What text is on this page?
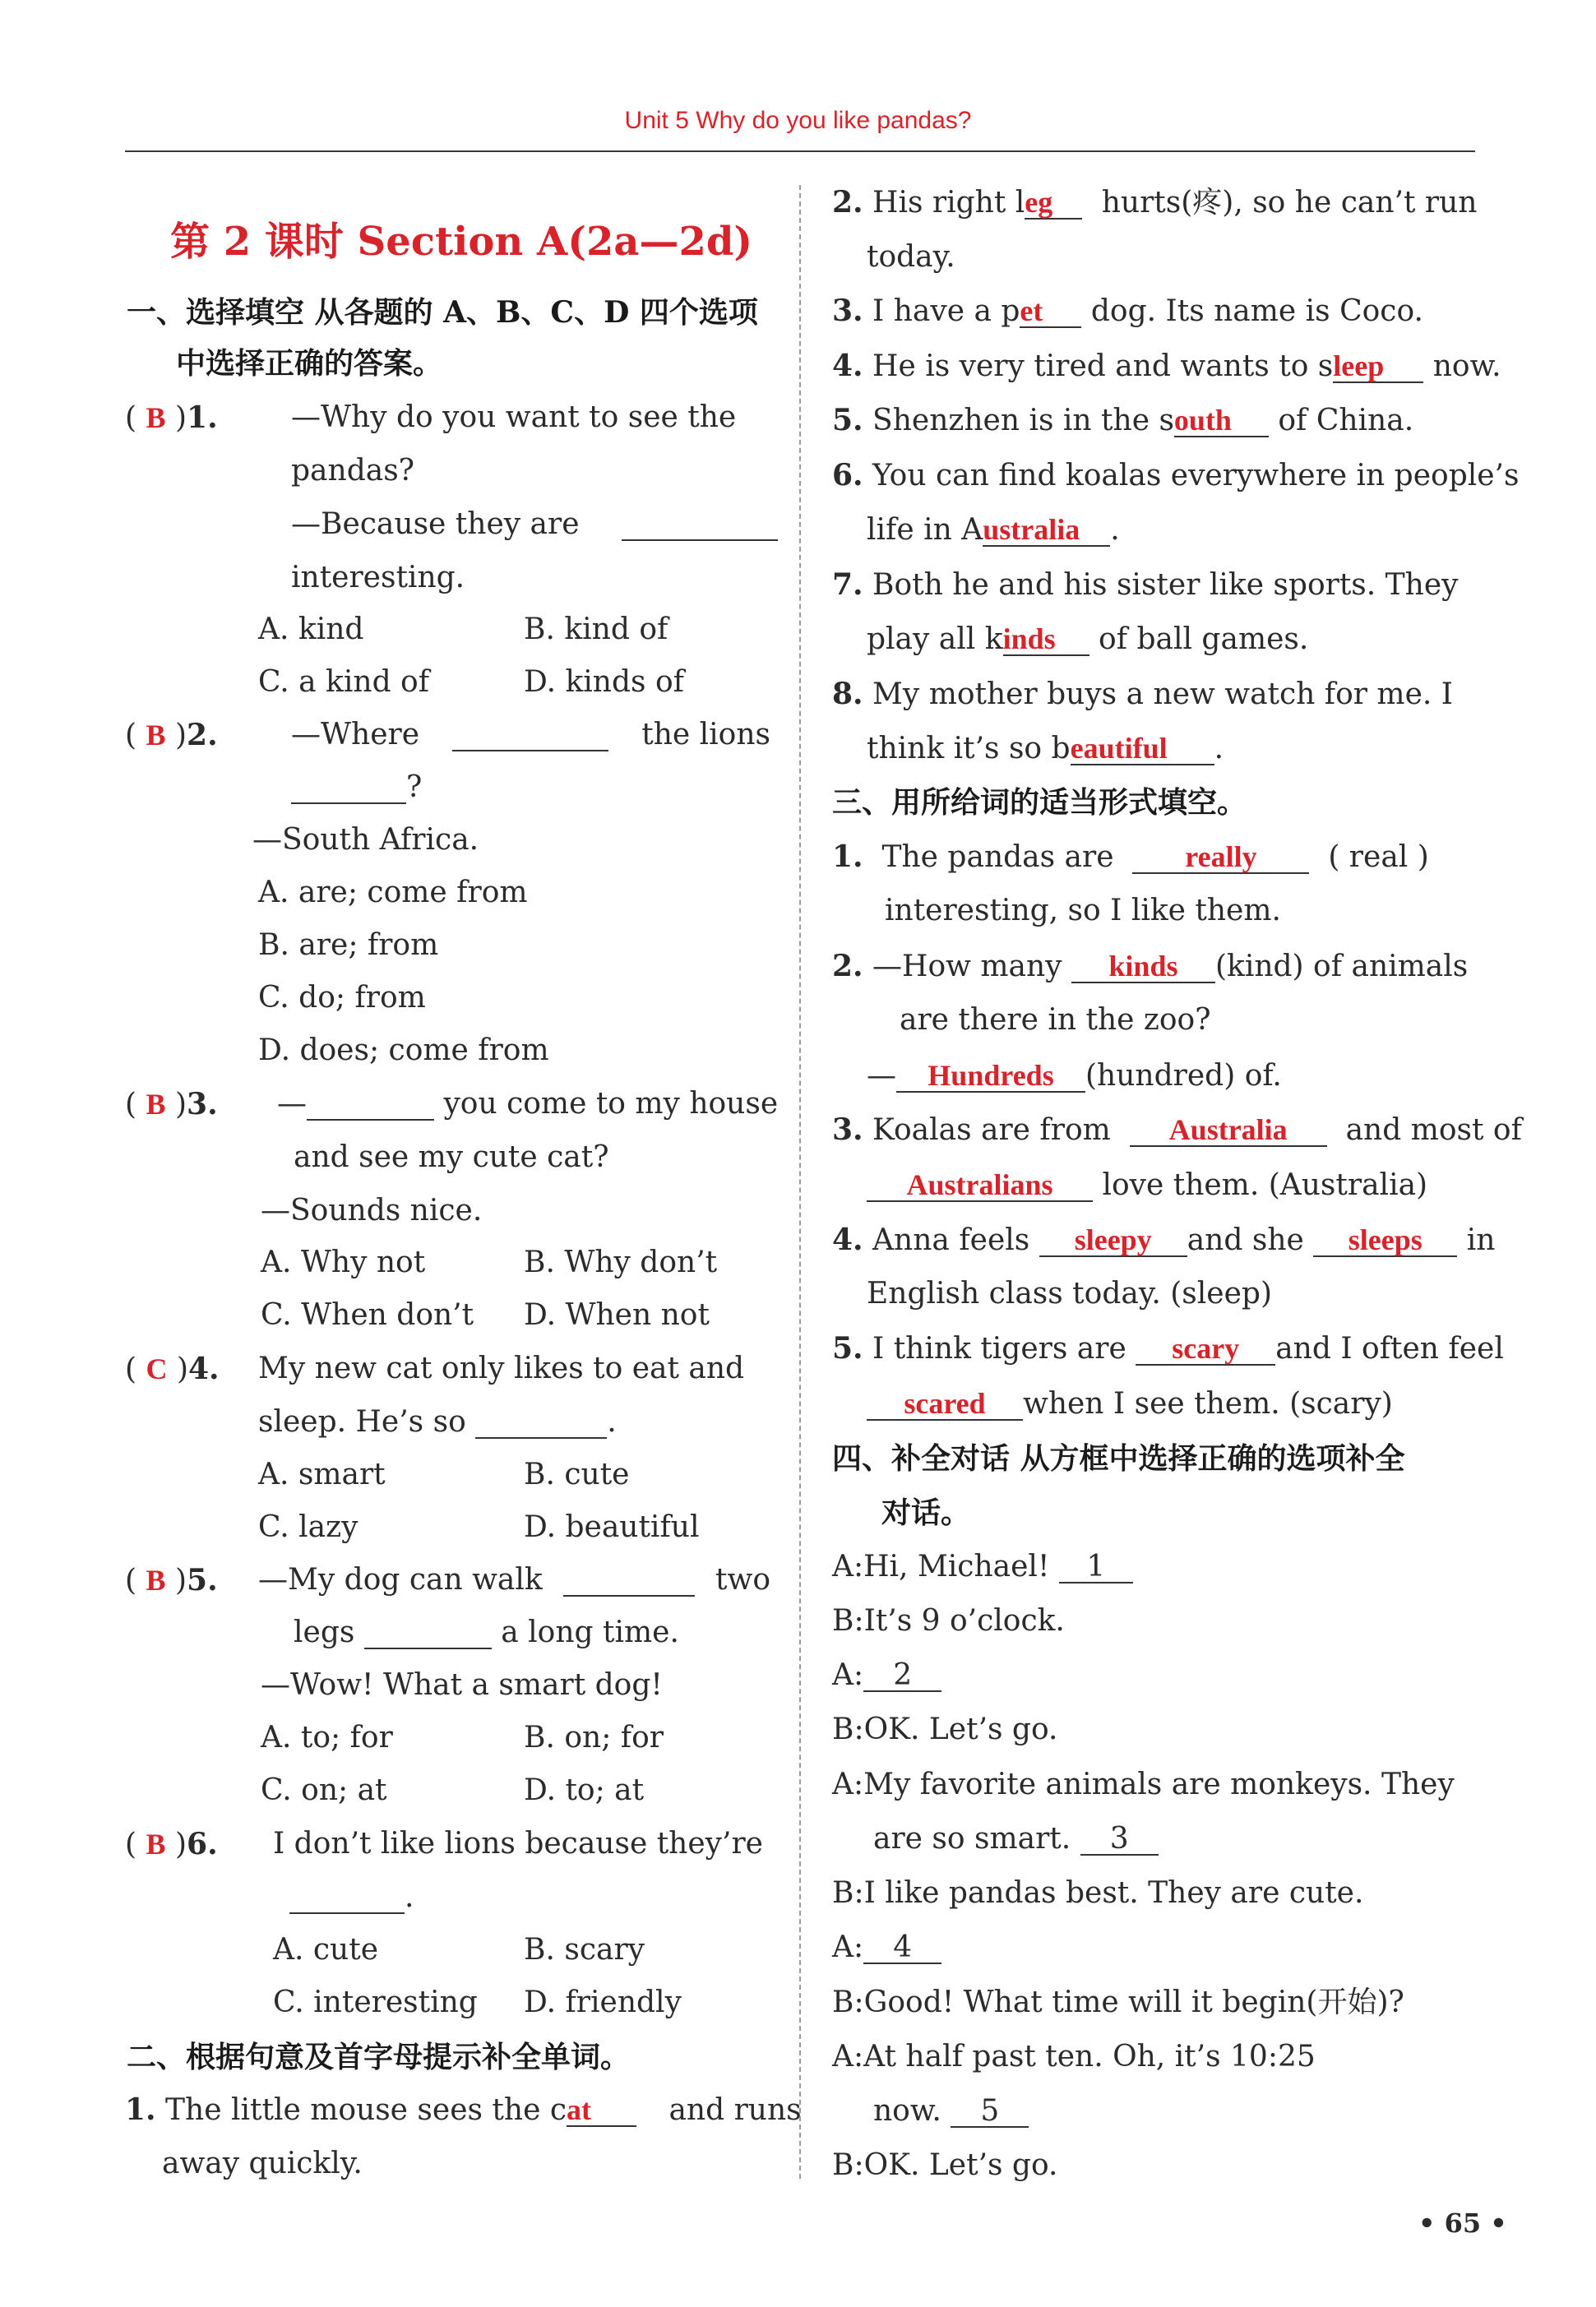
Unit 5 Why do you like pandas?
第 2 课时 Section A(2a—2d)
一、选择填空 从各题的 A、B、C、D 四个选项
中选择正确的答案。
( B )1. —Why do you want to see the
pandas?
—Because they are
interesting.
A. kind	B. kind of
C. a kind of	D. kinds of
( B )2. —Where
	the lions
?
—South Africa.
A. are; come from
B. are; from
C. do; from
D. does; come from
( B )3. —	you come to my house
and see my cute cat?
—Sounds nice.
A. Why not	B. Why don’t
C. When don’t D. When not
( C )4. My new cat only likes to eat and
sleep. He’s so	.
A. smart	B. cute
C. lazy	D. beautiful
( B )5. —My dog can walk
	two
legs	a long time.
—Wow! What a smart dog!
A. to; for	B. on; for
C. on; at	D. to; at
( B )6. I don’t like lions because they’re
.
A. cute	B. scary
C. interesting D. friendly
二、根据句意及首字母提示补全单词。
1. The little mouse sees the cat	and runs
away quickly.
2. His right leg hurts(疼), so he can’t run
today.
3. I have a pet dog. Its name is Coco.
4. He is very tired and wants to sleep now.
5. Shenzhen is in the south of China.
6. You can find koalas everywhere in people’s
life in Australia .
7. Both he and his sister like sports. They
play all kinds of ball games.
8. My mother buys a new watch for me. I
think it’s so beautiful .
三、用所给词的适当形式填空。
1. The pandas are really ( real )
interesting, so I like them.
2. —How many kinds (kind) of animals
are there in the zoo?
— Hundreds (hundred) of.
3. Koalas are from Australia and most of
Australians love them. (Australia)
4. Anna feels sleepy and she sleeps in
English class today. (sleep)
5. I think tigers are scary and I often feel
scared when I see them. (scary)
四、补全对话 从方框中选择正确的选项补全
对话。
A:Hi, Michael! 1
B:It’s 9 o’clock.
A: 2
B:OK. Let’s go.
A:My favorite animals are monkeys. They
are so smart. 3
B:I like pandas best. They are cute.
A: 4
B:Good! What time will it begin(开始)?
A:At half past ten. Oh, it’s 10:25
now. 5
B:OK. Let’s go.
• 65 •
